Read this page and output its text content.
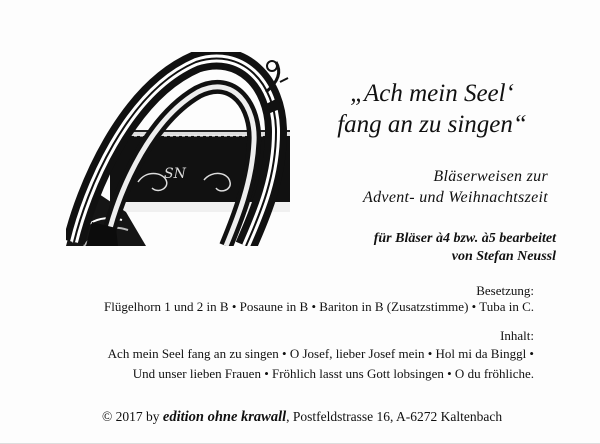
SN
„Ach mein Seel‘
fang an zu singen“
Bläserweisen zur
Advent- und Weihnachtszeit
für Bläser à4 bzw. à5 bearbeitet
von Stefan Neussl
Besetzung:
Flügelhorn 1 und 2 in B • Posaune in B • Bariton in B (Zusatzstimme) • Tuba in C.
Inhalt:
Ach mein Seel fang an zu singen • O Josef, lieber Josef mein • Hol mi da Binggl •
Und unser lieben Frauen • Fröhlich lasst uns Gott lobsingen • O du fröhliche.
© 2017 by edition ohne krawall, Postfeldstrasse 16, A-6272 Kaltenbach
